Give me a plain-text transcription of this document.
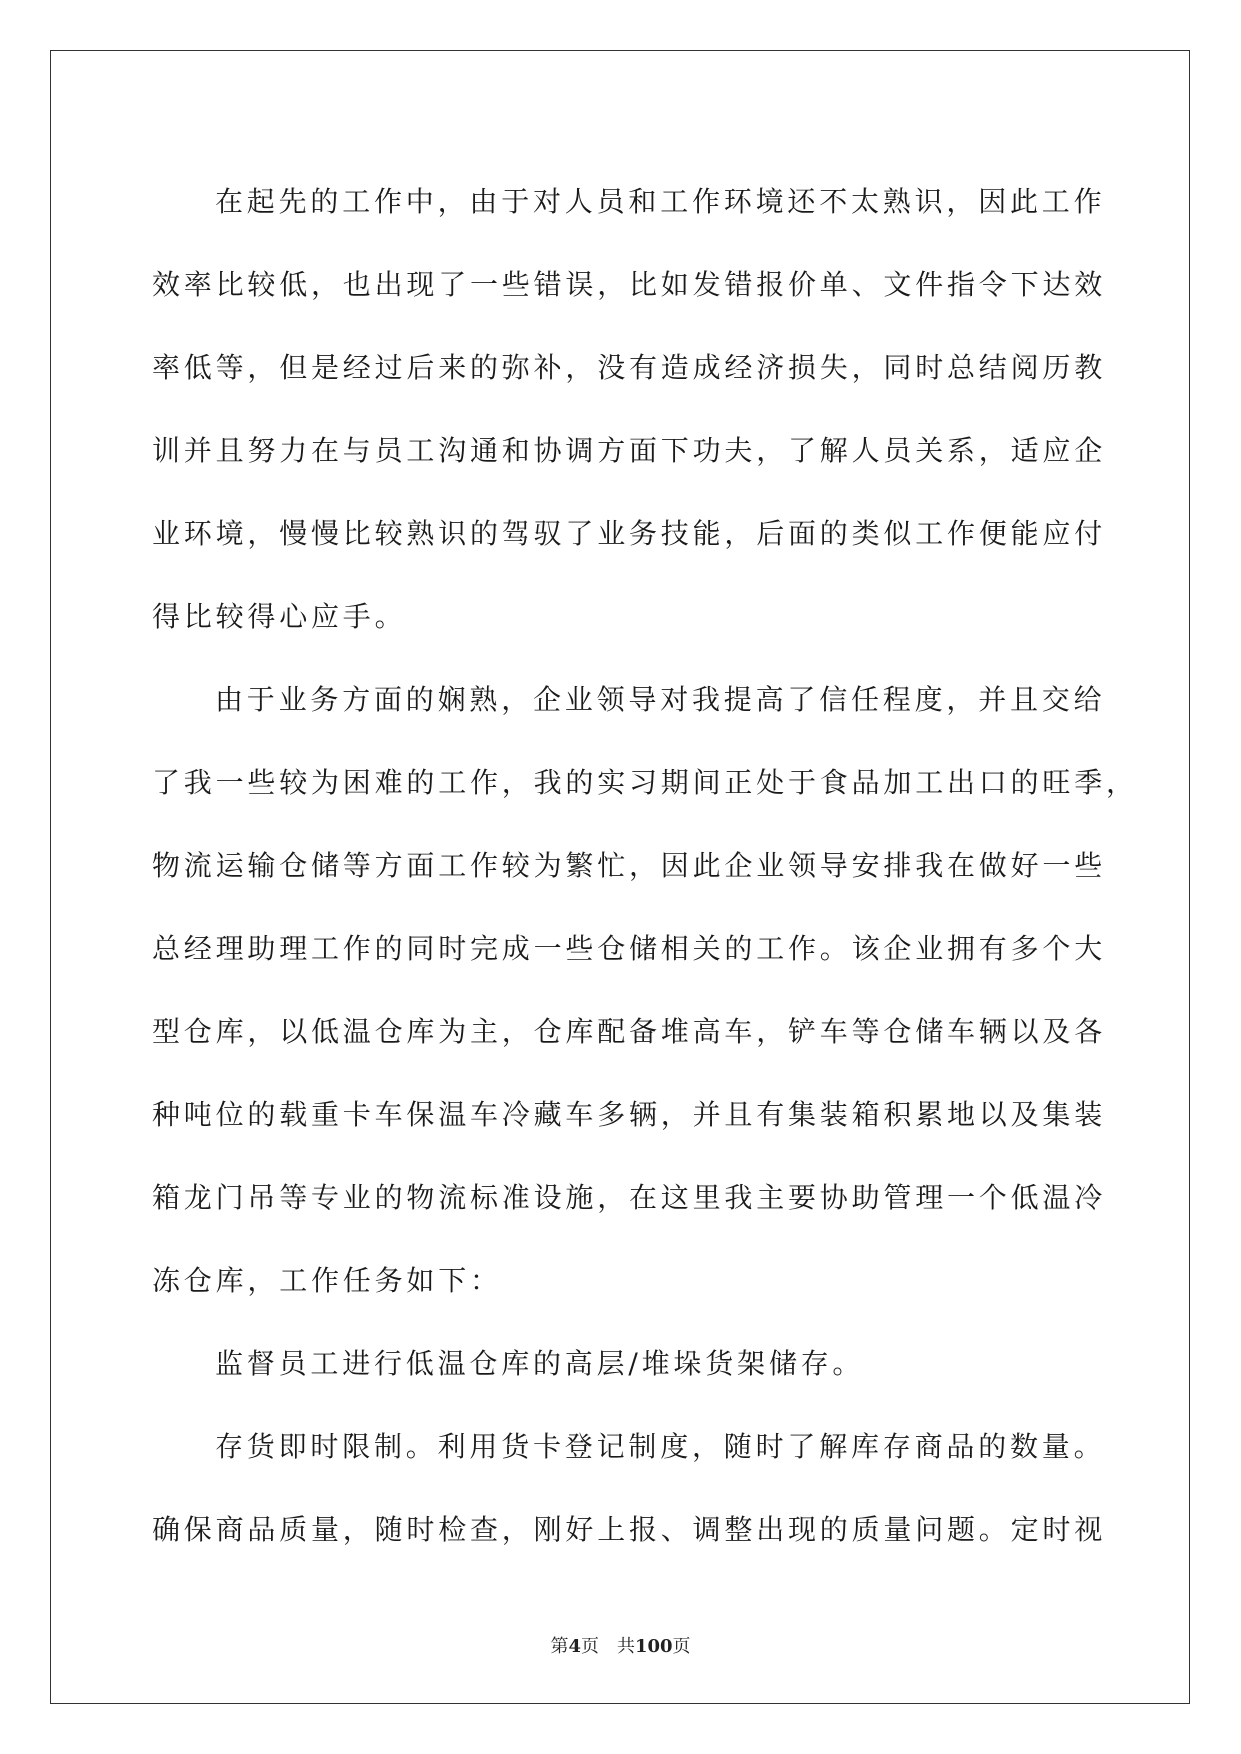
在起先的工作中，由于对人员和工作环境还不太熟识，因此工作
效率比较低，也出现了一些错误，比如发错报价单、文件指令下达效
率低等，但是经过后来的弥补，没有造成经济损失，同时总结阅历教
训并且努力在与员工沟通和协调方面下功夫，了解人员关系，适应企
业环境，慢慢比较熟识的驾驭了业务技能，后面的类似工作便能应付
得比较得心应手。
由于业务方面的娴熟，企业领导对我提高了信任程度，并且交给
了我一些较为困难的工作，我的实习期间正处于食品加工出口的旺季，
物流运输仓储等方面工作较为繁忙，因此企业领导安排我在做好一些
总经理助理工作的同时完成一些仓储相关的工作。该企业拥有多个大
型仓库，以低温仓库为主，仓库配备堆高车，铲车等仓储车辆以及各
种吨位的载重卡车保温车冷藏车多辆，并且有集装箱积累地以及集装
箱龙门吊等专业的物流标准设施，在这里我主要协助管理一个低温冷
冻仓库，工作任务如下：
监督员工进行低温仓库的高层/堆垛货架储存。
存货即时限制。利用货卡登记制度，随时了解库存商品的数量。
确保商品质量，随时检查，刚好上报、调整出现的质量问题。定时视
第4页 共100页
